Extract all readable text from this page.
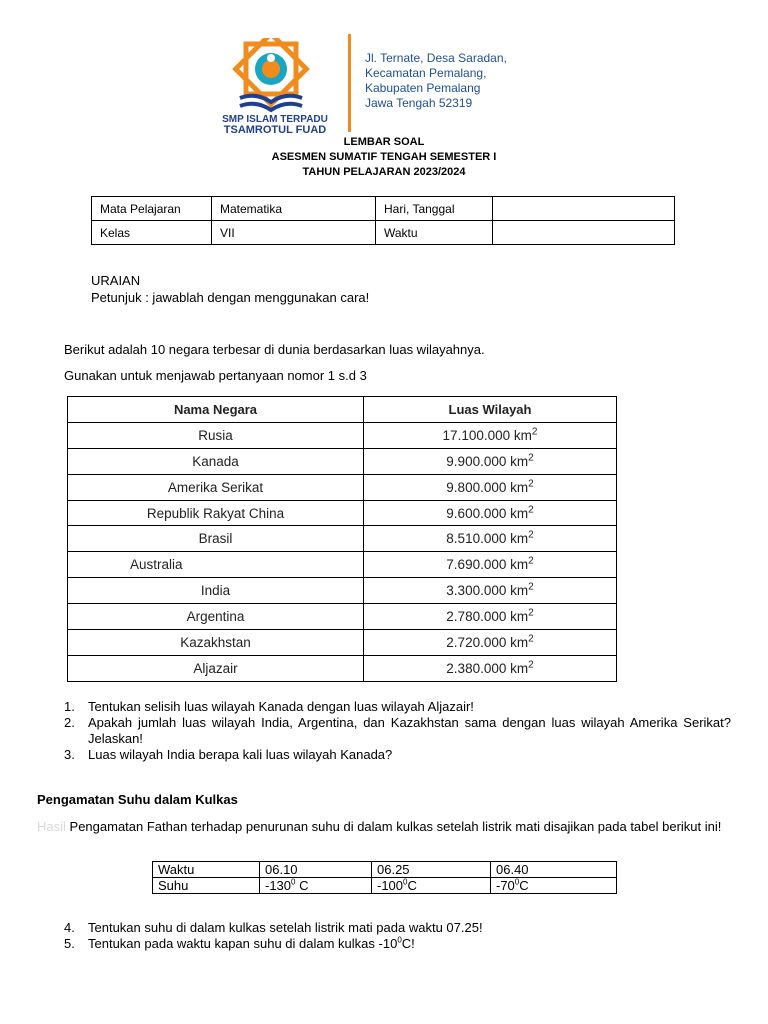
SMP ISLAM TERPADU
TSAMROTUL FUAD
Jl. Ternate, Desa Saradan,
Kecamatan Pemalang,
Kabupaten Pemalang
Jawa Tengah 52319
LEMBAR SOAL
ASESMEN SUMATIF TENGAH SEMESTER I
TAHUN PELAJARAN 2023/2024
Mata Pelajaran	Matematika	Hari, Tanggal	
Kelas	VII	Waktu	
URAIAN
Petunjuk : jawablah dengan menggunakan cara!
Berikut adalah 10 negara terbesar di dunia berdasarkan luas wilayahnya.
Gunakan untuk menjawab pertanyaan nomor 1 s.d 3
Nama Negara	Luas Wilayah
Rusia	17.100.000 $km^2$
Kanada	9.900.000 $km^2$
Amerika Serikat	9.800.000 $km^2$
Republik Rakyat China	9.600.000 $km^2$
Brasil	8.510.000 $km^2$
Australia	7.690.000 $km^2$
India	3.300.000 $km^2$
Argentina	2.780.000 $km^2$
Kazakhstan	2.720.000 $km^2$
Aljazair	2.380.000 $km^2$
1. Tentukan selisih luas wilayah Kanada dengan luas wilayah Aljazair!
2. Apakah jumlah luas wilayah India, Argentina, dan Kazakhstan sama dengan luas wilayah Amerika Serikat? Jelaskan!
3. Luas wilayah India berapa kali luas wilayah Kanada?
Pengamatan Suhu dalam Kulkas
Hasil Pengamatan Fathan terhadap penurunan suhu di dalam kulkas setelah listrik mati disajikan pada tabel berikut ini!
Waktu	06.10	06.25	06.40
Suhu	$-130^0$ C	$-100^0C$	$-70^0C$
4. Tentukan suhu di dalam kulkas setelah listrik mati pada waktu 07.25!
5. Tentukan pada waktu kapan suhu di dalam kulkas $-10^0C$!
